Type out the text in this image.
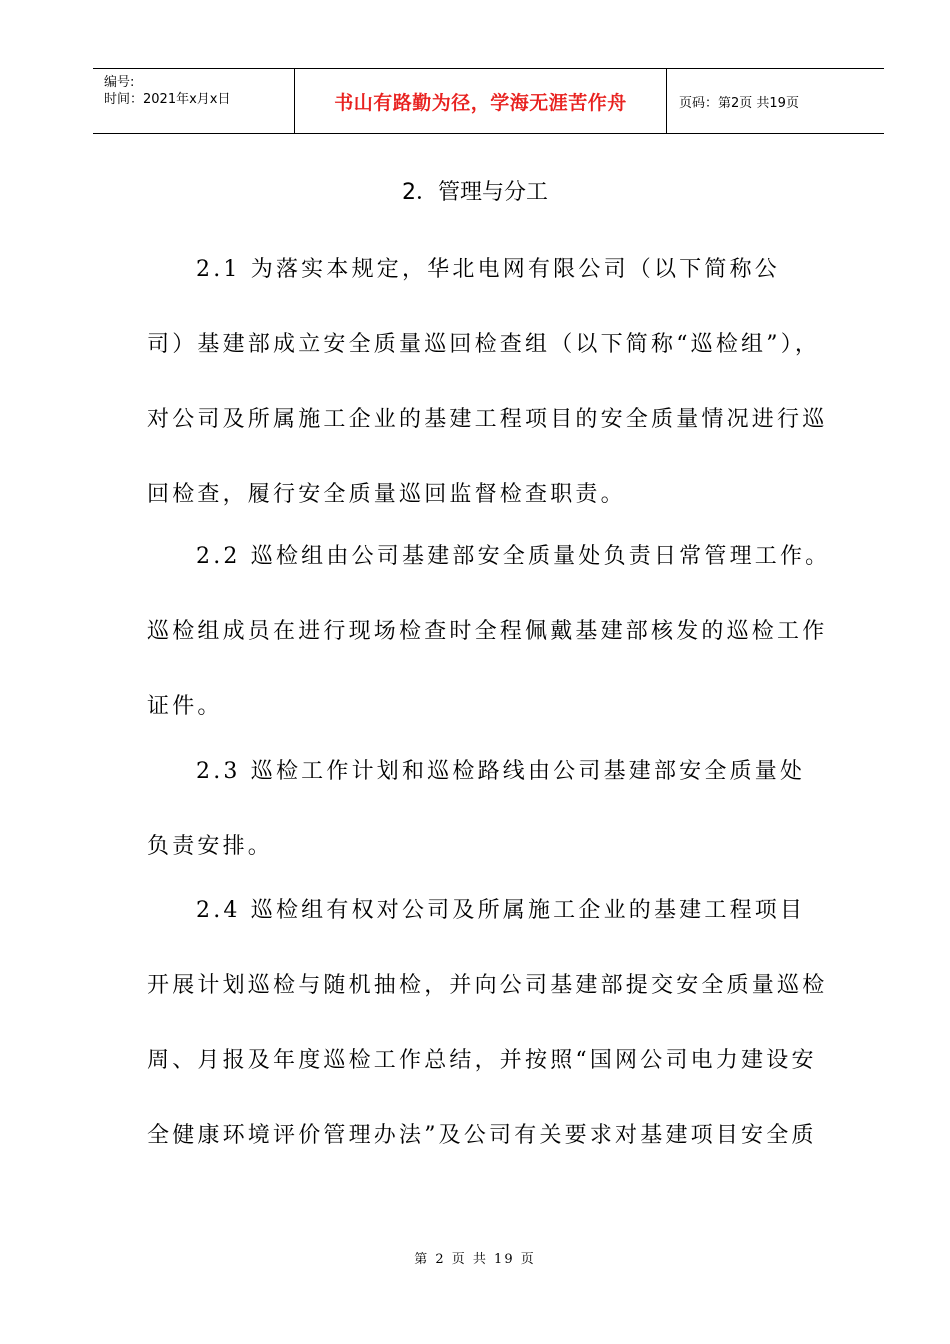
编号:
时间：2021年x月x日	书山有路勤为径，学海无涯苦作舟	页码：第2页 共19页
2．管理与分工
2.1 为落实本规定，华北电网有限公司（以下简称公
司）基建部成立安全质量巡回检查组（以下简称“巡检组”），
对公司及所属施工企业的基建工程项目的安全质量情况进行巡
回检查，履行安全质量巡回监督检查职责。
2.2 巡检组由公司基建部安全质量处负责日常管理工作。
巡检组成员在进行现场检查时全程佩戴基建部核发的巡检工作
证件。
2.3 巡检工作计划和巡检路线由公司基建部安全质量处
负责安排。
2.4 巡检组有权对公司及所属施工企业的基建工程项目
开展计划巡检与随机抽检，并向公司基建部提交安全质量巡检
周、月报及年度巡检工作总结，并按照“国网公司电力建设安
全健康环境评价管理办法”及公司有关要求对基建项目安全质
第 2 页 共 19 页
